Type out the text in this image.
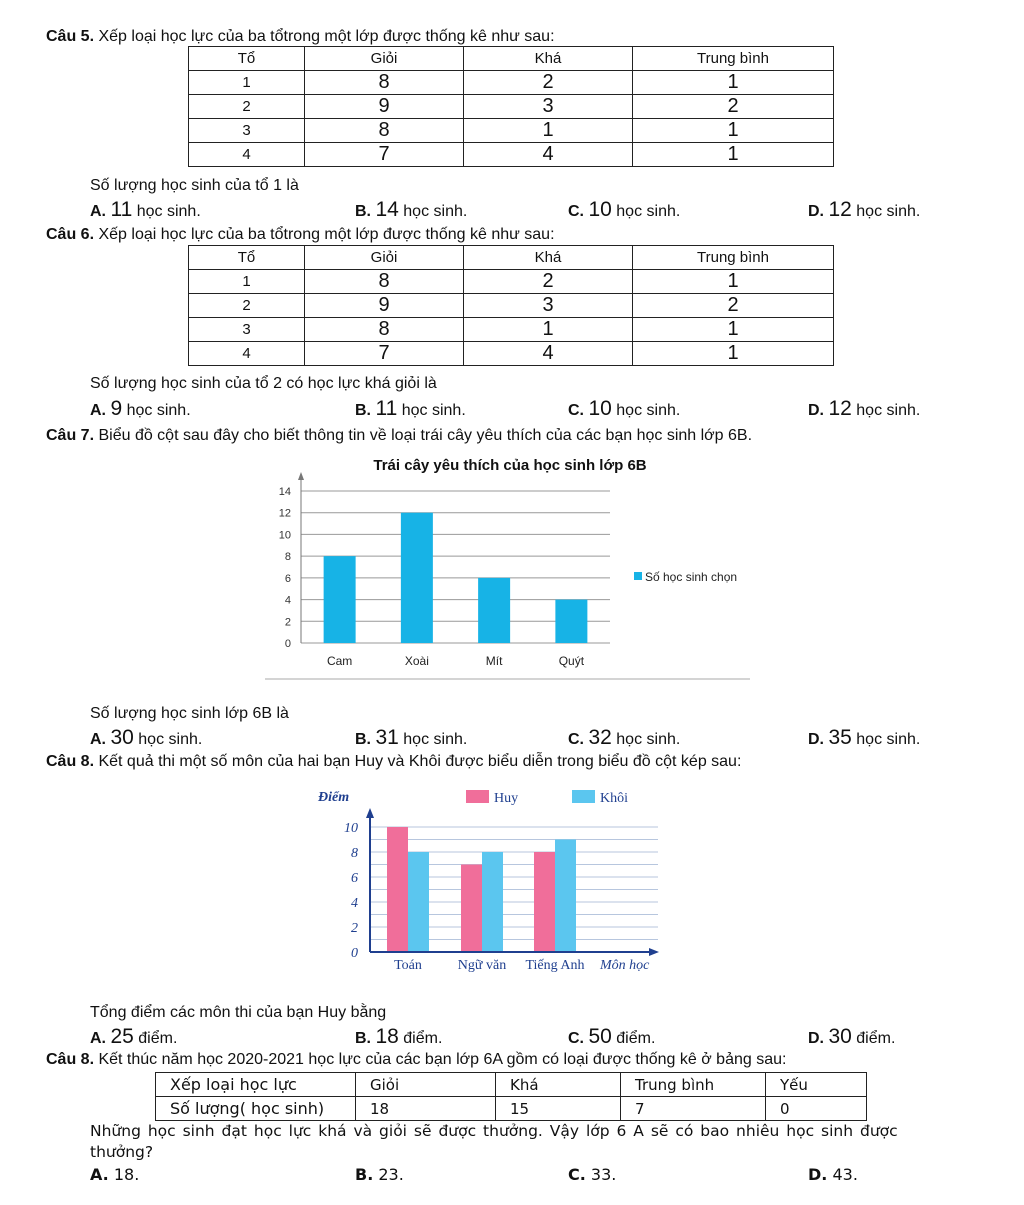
Câu 5. Xếp loại học lực của ba tổtrong một lớp được thống kê như sau:
Tổ	Giỏi	Khá	Trung bình
1	8	2	1
2	9	3	2
3	8	1	1
4	7	4	1
Số lượng học sinh của tổ 1 là
A. 11 học sinh.	B. 14 học sinh.	C. 10 học sinh.	D. 12 học sinh.
Câu 6. Xếp loại học lực của ba tổtrong một lớp được thống kê như sau:
Tổ	Giỏi	Khá	Trung bình
1	8	2	1
2	9	3	2
3	8	1	1
4	7	4	1
Số lượng học sinh của tổ 2 có học lực khá giỏi là
A. 9 học sinh.	B. 11 học sinh.	C. 10 học sinh.	D. 12 học sinh.
Câu 7. Biểu đồ cột sau đây cho biết thông tin về loại trái cây yêu thích của các bạn học sinh lớp 6B.
Trái cây yêu thích của học sinh lớp 6B
0
2
4
6
8
10
12
14
Cam	Xoài	Mít	Quýt
Số học sinh chọn
Số lượng học sinh lớp 6B là
A. 30 học sinh.	B. 31 học sinh.	C. 32 học sinh.	D. 35 học sinh.
Câu 8. Kết quả thi một số môn của hai bạn Huy và Khôi được biểu diễn trong biểu đồ cột kép sau:
Điểm	Huy	Khôi
0
2
4
6
8
10
Toán	Ngữ văn Tiếng Anh Môn học
Tổng điểm các môn thi của bạn Huy bằng
A. 25 điểm.	B. 18 điểm.	C. 50 điểm.	D. 30 điểm.
Câu 8. Kết thúc năm học 2020-2021 học lực của các bạn lớp 6A gồm có loại được thống kê ở bảng sau:
Xếp loại học lực	Giỏi	Khá	Trung bình	Yếu
Số lượng( học sinh)	18	15	7	0
Những học sinh đạt học lực khá và giỏi sẽ được thưởng. Vậy lớp 6 A sẽ có bao nhiêu học sinh được
thưởng?
A. 18.	B. 23.	C. 33.	D. 43.
